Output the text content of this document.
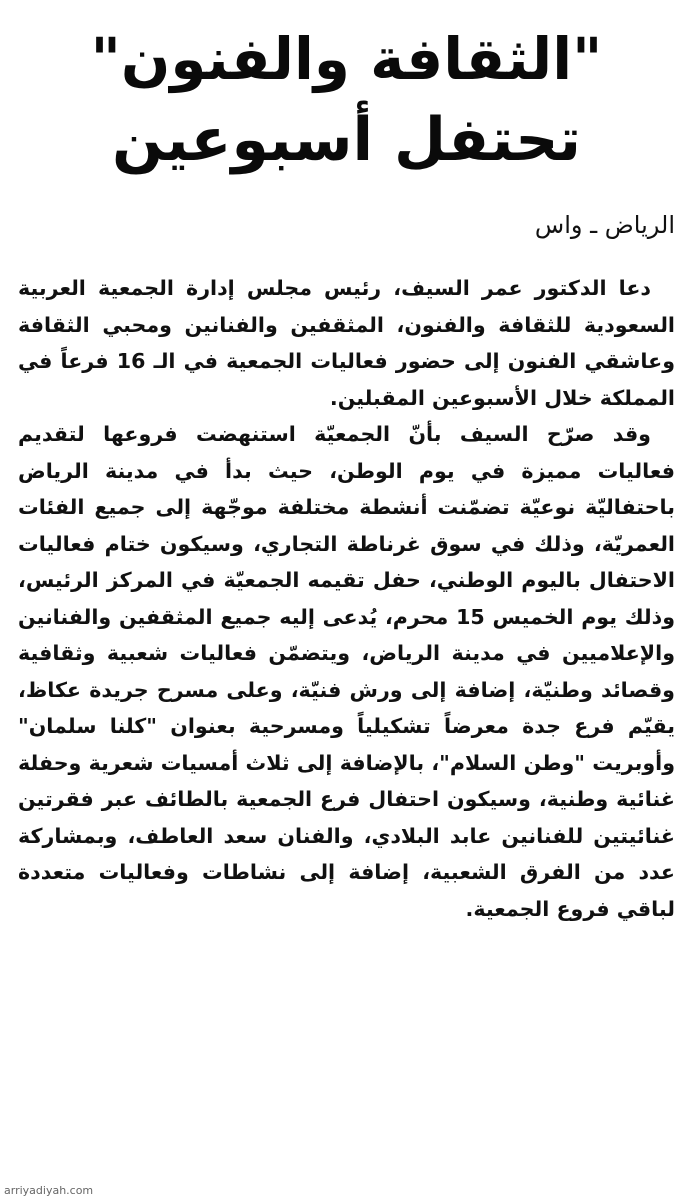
"الثقافة والفنون"
تحتفل أسبوعين
الرياض ـ واس

دعا الدكتور عمر السيف، رئيس مجلس إدارة الجمعية العربية السعودية للثقافة والفنون، المثقفين والفنانين ومحبي الثقافة وعاشقي الفنون إلى حضور فعاليات الجمعية في الـ 16 فرعاً في المملكة خلال الأسبوعين المقبلين.

وقد صرّح السيف بأنّ الجمعيّة استنهضت فروعها لتقديم فعاليات مميزة في يوم الوطن، حيث بدأ في مدينة الرياض باحتفاليّة نوعيّة تضمّنت أنشطة مختلفة موجّهة إلى جميع الفئات العمريّة، وذلك في سوق غرناطة التجاري، وسيكون ختام فعاليات الاحتفال باليوم الوطني، حفل تقيمه الجمعيّة في المركز الرئيس، وذلك يوم الخميس 15 محرم، يُدعى إليه جميع المثقفين والفنانين والإعلاميين في مدينة الرياض، ويتضمّن فعاليات شعبية وثقافية وقصائد وطنيّة، إضافة إلى ورش فنيّة، وعلى مسرح جريدة عكاظ، يقيّم فرع جدة معرضاً تشكيلياً ومسرحية بعنوان "كلنا سلمان" وأوبريت "وطن السلام"، بالإضافة إلى ثلاث أمسيات شعرية وحفلة غنائية وطنية، وسيكون احتفال فرع الجمعية بالطائف عبر فقرتين غنائيتين للفنانين عابد البلادي، والفنان سعد العاطف، وبمشاركة عدد من الفرق الشعبية، إضافة إلى نشاطات وفعاليات متعددة لباقي فروع الجمعية.

arriyadiyah.com
